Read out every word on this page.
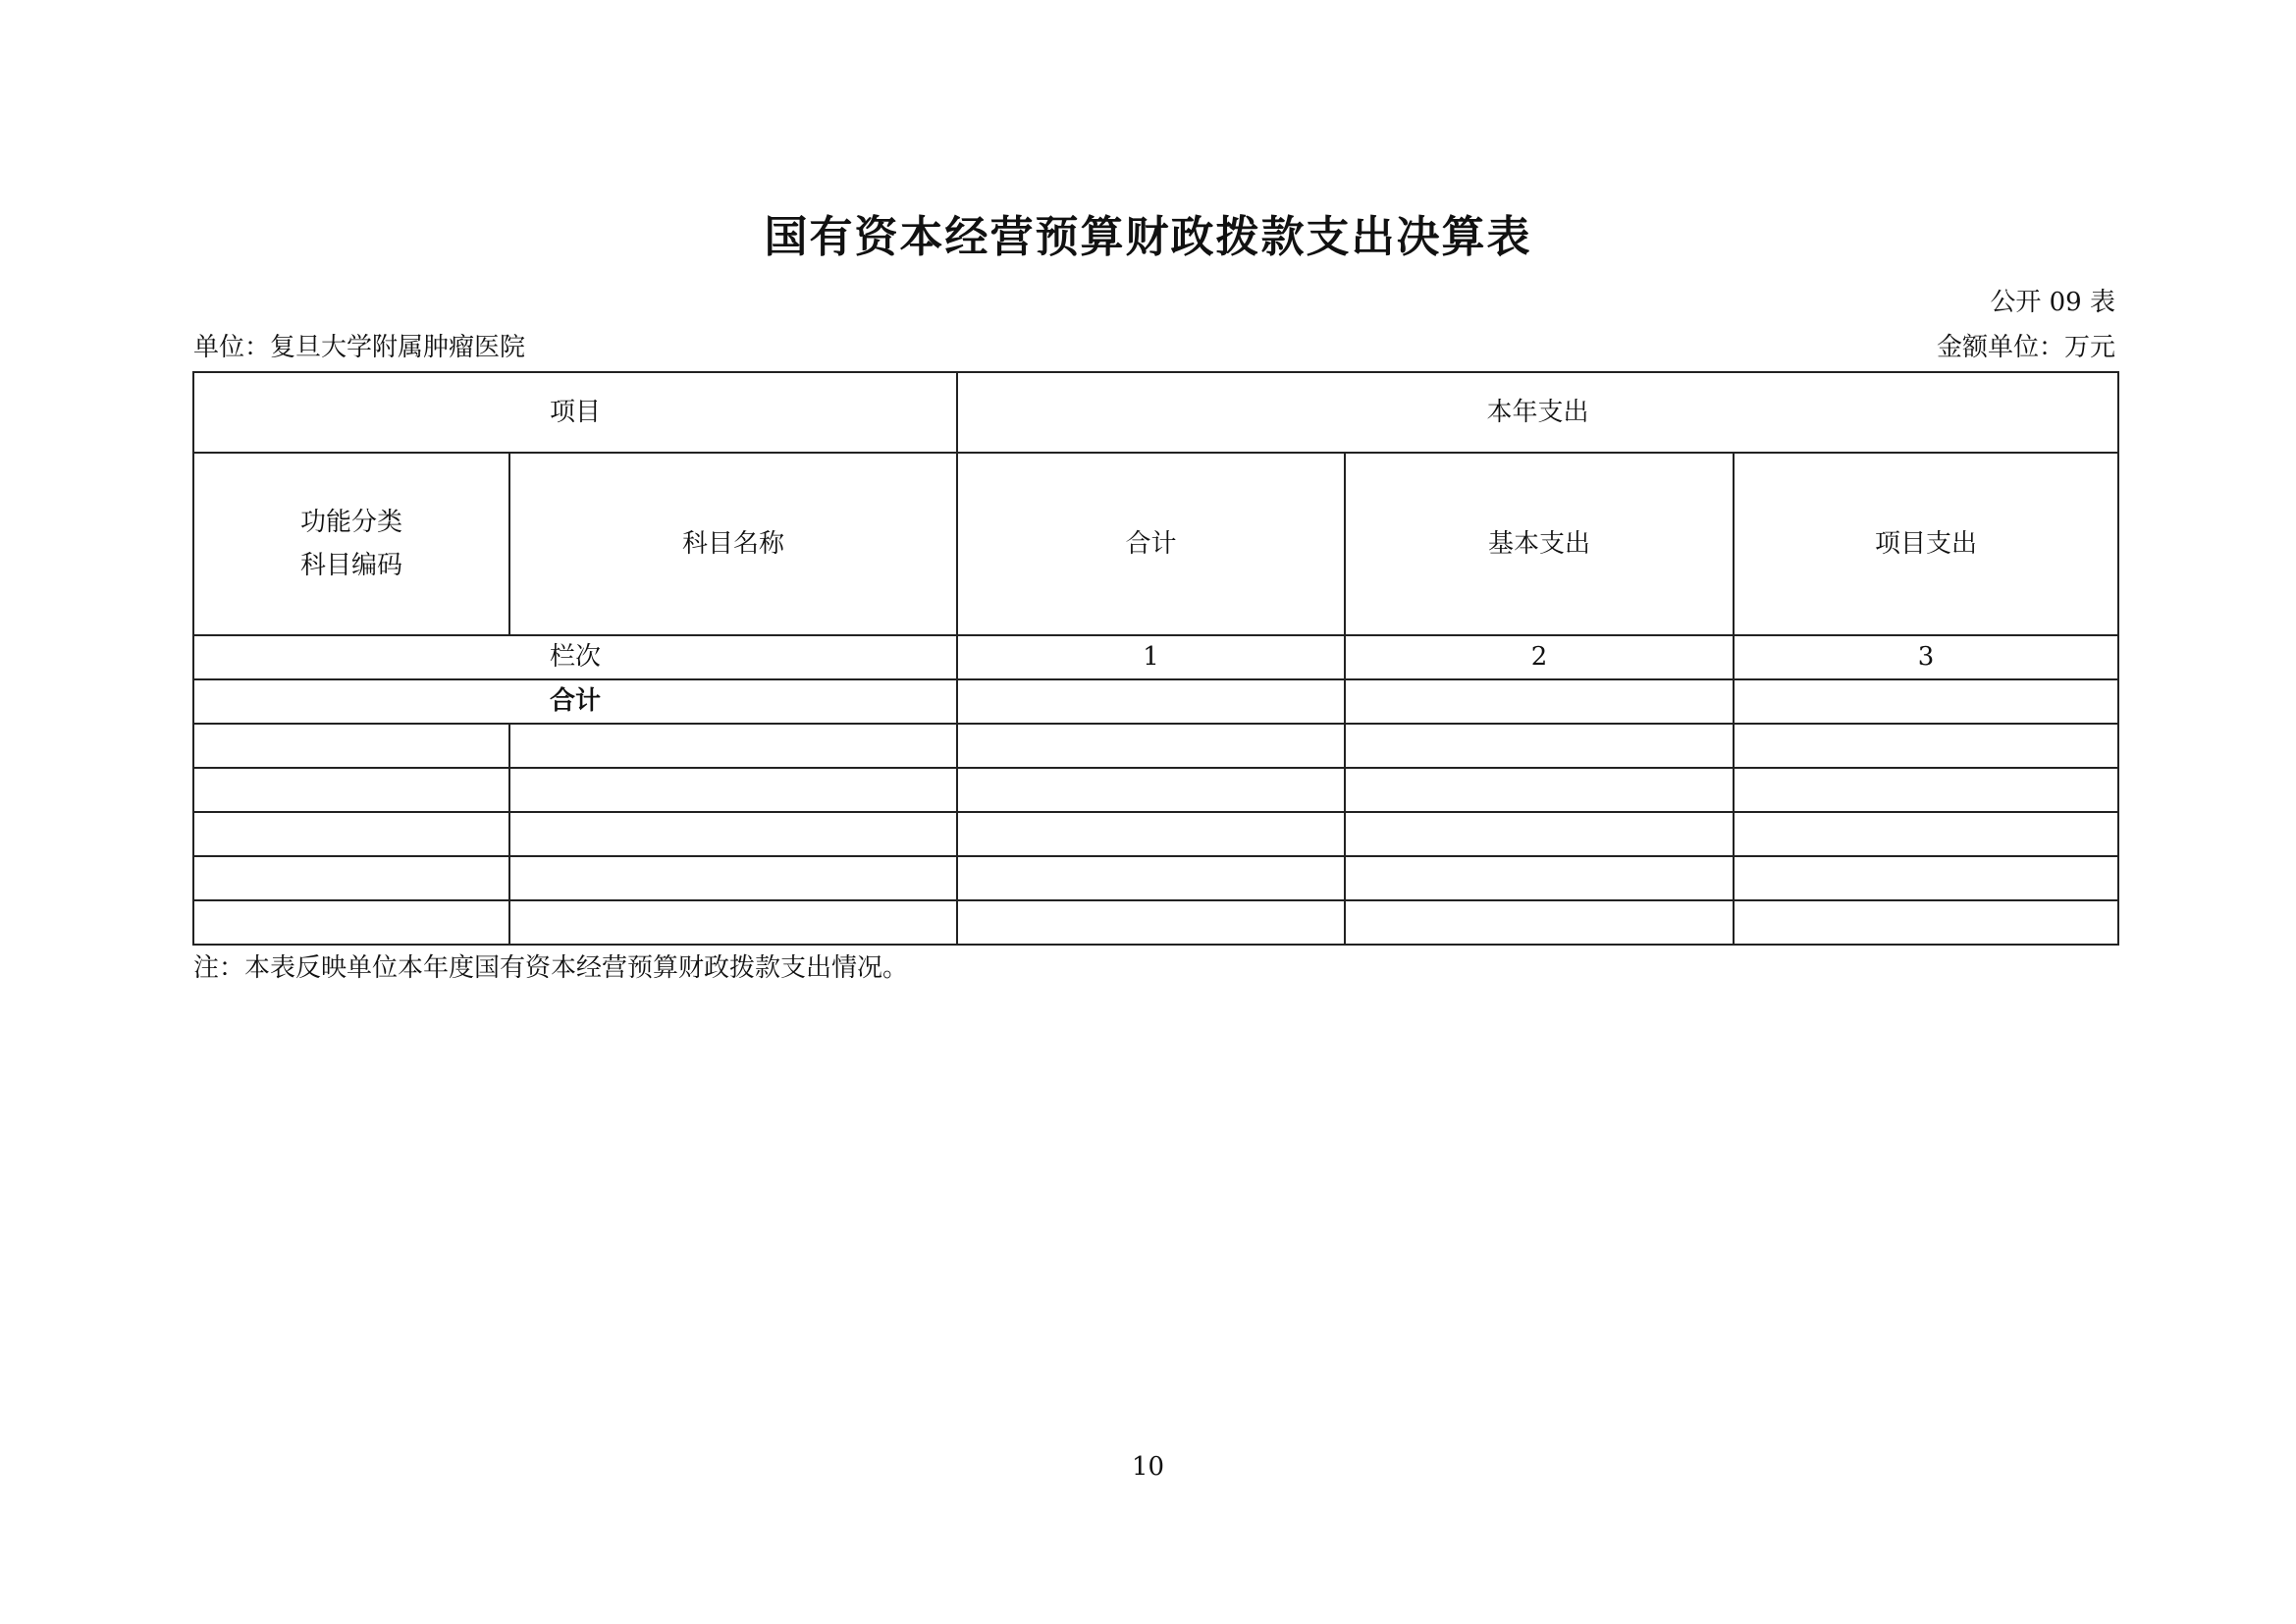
国有资本经营预算财政拨款支出决算表
公开 09 表
单位：复旦大学附属肿瘤医院	金额单位：万元
项目		本年支出		

功能分类
科目编码	科目名称	合计	基本支出	项目支出
栏次		1	2	3
合计				

注：本表反映单位本年度国有资本经营预算财政拨款支出情况。
10
